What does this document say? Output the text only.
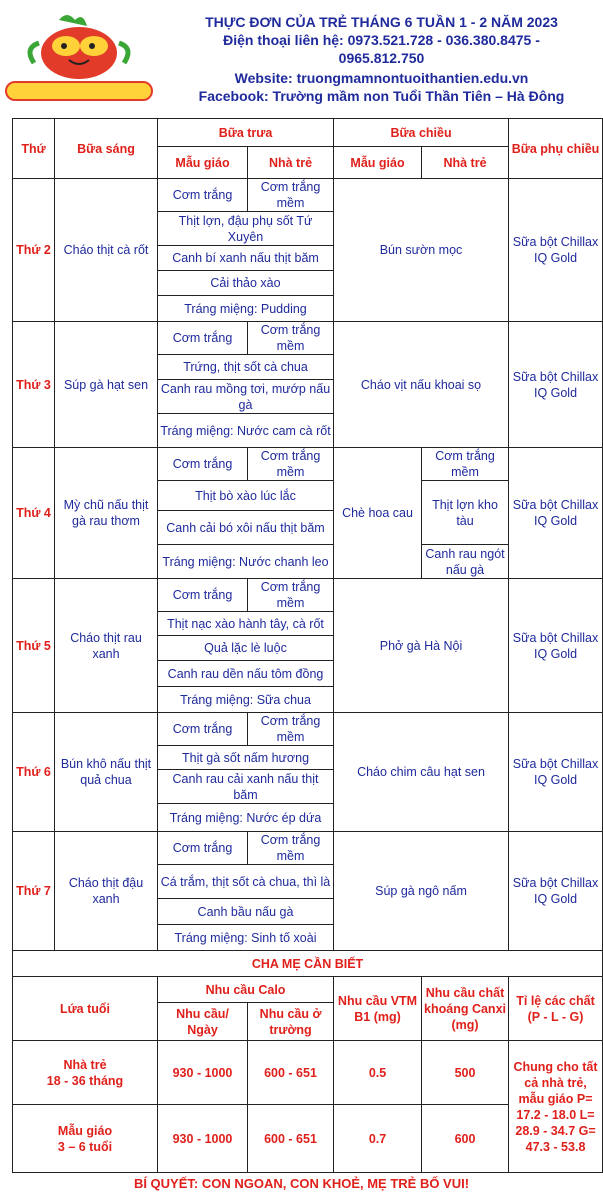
THỰC ĐƠN CỦA TRẺ THÁNG 6 TUẦN 1 - 2 NĂM 2023
Điện thoại liên hệ: 0973.521.728 - 036.380.8475 -
0965.812.750
Website: truongmamnontuoithantien.edu.vn
Facebook: Trường mầm non Tuổi Thần Tiên – Hà Đông
Thứ	Bữa sáng	Bữa trưa		Bữa chiều		Bữa phụ chiều
		Mẫu giáo	Nhà trẻ	Mẫu giáo	Nhà trẻ	
Thứ 2	Cháo thịt cà rốt	Cơm trắng	Cơm trắng mềm	Bún sườn mọc		Sữa bột Chillax IQ Gold
		Thịt lợn, đậu phụ sốt Tứ Xuyên				
		Canh bí xanh nấu thịt băm				
		Cải thảo xào				
		Tráng miệng: Pudding				
Thứ 3	Súp gà hạt sen	Cơm trắng	Cơm trắng mềm	Cháo vịt nấu khoai sọ		Sữa bột Chillax IQ Gold
		Trứng, thịt sốt cà chua				
		Canh rau mồng tơi, mướp nấu gà				
		Tráng miệng: Nước cam cà rốt				
Thứ 4	Mỳ chũ nấu thịt gà rau thơm	Cơm trắng	Cơm trắng mềm	Chè hoa cau	Cơm trắng mềm	Sữa bột Chillax IQ Gold
		Thịt bò xào lúc lắc			Thịt lợn kho tàu	
		Canh cải bó xôi nấu thịt băm				
		Tráng miệng: Nước chanh leo			Canh rau ngót nấu gà	
Thứ 5	Cháo thịt rau xanh	Cơm trắng	Cơm trắng mềm	Phở gà Hà Nội		Sữa bột Chillax IQ Gold
		Thịt nạc xào hành tây, cà rốt				
		Quả lặc lè luộc				
		Canh rau dền nấu tôm đồng				
		Tráng miệng: Sữa chua				
Thứ 6	Bún khô nấu thịt quả chua	Cơm trắng	Cơm trắng mềm	Cháo chim câu hạt sen		Sữa bột Chillax IQ Gold
		Thịt gà sốt nấm hương				
		Canh rau cải xanh nấu thịt băm				
		Tráng miệng: Nước ép dứa				
Thứ 7	Cháo thịt đậu xanh	Cơm trắng	Cơm trắng mềm	Súp gà ngô nấm		Sữa bột Chillax IQ Gold
		Cá trắm, thịt sốt cà chua, thì là				
		Canh bầu nấu gà				
		Tráng miệng: Sinh tố xoài				
CHA MẸ CẦN BIẾT						
Lứa tuổi		Nhu cầu Calo		Nhu cầu VTM B1 (mg)	Nhu cầu chất khoáng Canxi (mg)	Tỉ lệ các chất (P - L - G)
		Nhu cầu/ Ngày	Nhu cầu ở trường			

Nhà trẻ
18 - 36 tháng		930 - 1000	600 - 651	0.5	500	Chung cho tất cả nhà trẻ, mẫu giáo P= 17.2 - 18.0 L= 28.9 - 34.7 G= 47.3 - 53.8

Mẫu giáo
3 – 6 tuổi		930 - 1000	600 - 651	0.7	600	
BÍ QUYẾT: CON NGOAN, CON KHOẺ, MẸ TRẺ BỐ VUI!
